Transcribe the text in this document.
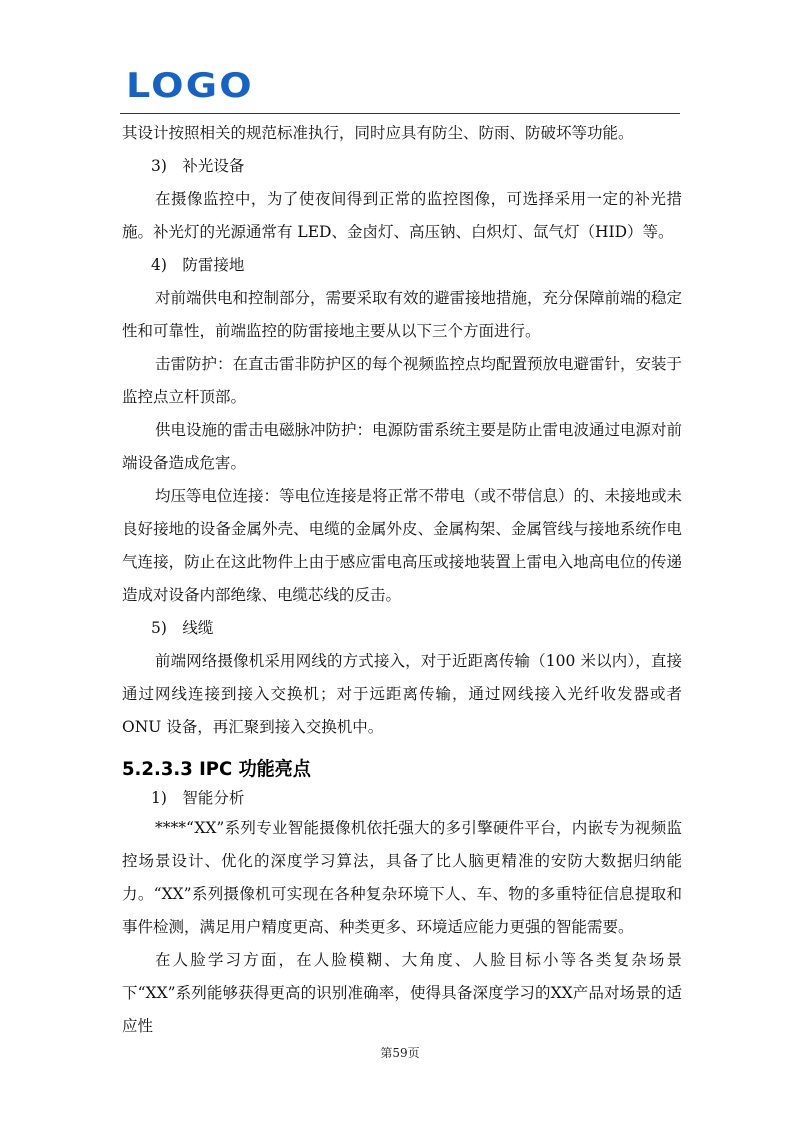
LOGO

其设计按照相关的规范标准执行，同时应具有防尘、防雨、防破坏等功能。

3)　补光设备

在摄像监控中，为了使夜间得到正常的监控图像，可选择采用一定的补光措施。补光灯的光源通常有 LED、金卤灯、高压钠、白炽灯、氙气灯（HID）等。

4)　防雷接地

对前端供电和控制部分，需要采取有效的避雷接地措施，充分保障前端的稳定性和可靠性，前端监控的防雷接地主要从以下三个方面进行。

击雷防护：在直击雷非防护区的每个视频监控点均配置预放电避雷针，安装于监控点立杆顶部。

供电设施的雷击电磁脉冲防护：电源防雷系统主要是防止雷电波通过电源对前端设备造成危害。

均压等电位连接：等电位连接是将正常不带电（或不带信息）的、未接地或未良好接地的设备金属外壳、电缆的金属外皮、金属构架、金属管线与接地系统作电气连接，防止在这此物件上由于感应雷电高压或接地装置上雷电入地高电位的传递造成对设备内部绝缘、电缆芯线的反击。

5)　线缆

前端网络摄像机采用网线的方式接入，对于近距离传输（100 米以内），直接通过网线连接到接入交换机；对于远距离传输，通过网线接入光纤收发器或者ONU 设备，再汇聚到接入交换机中。

5.2.3.3 IPC 功能亮点

1)　智能分析

****“XX”系列专业智能摄像机依托强大的多引擎硬件平台，内嵌专为视频监控场景设计、优化的深度学习算法，具备了比人脑更精准的安防大数据归纳能力。“XX”系列摄像机可实现在各种复杂环境下人、车、物的多重特征信息提取和事件检测，满足用户精度更高、种类更多、环境适应能力更强的智能需要。

在人脸学习方面，在人脸模糊、大角度、人脸目标小等各类复杂场景下“XX”系列能够获得更高的识别准确率，使得具备深度学习的XX产品对场景的适应性

第59页
